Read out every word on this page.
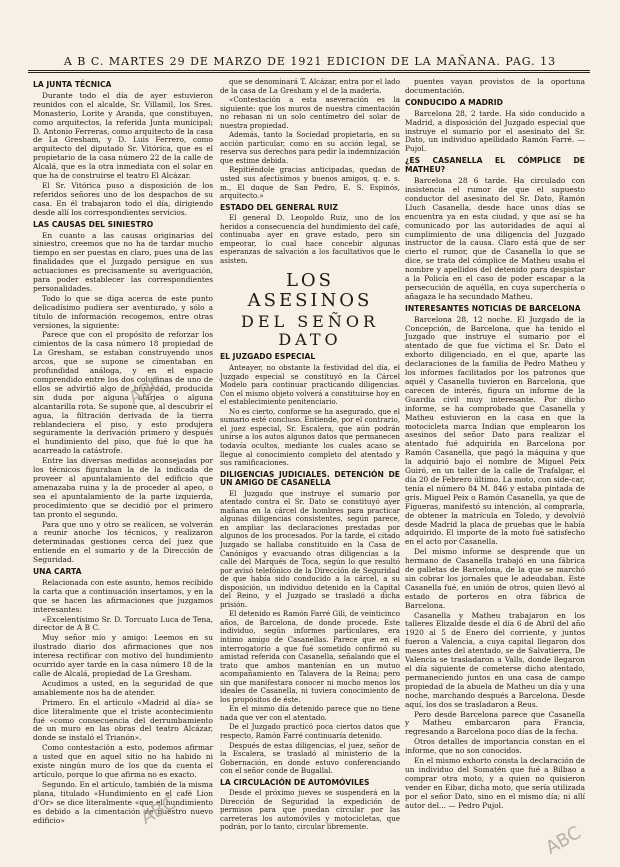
A B C. MARTES 29 DE MARZO DE 1921 EDICION DE LA MAÑANA. PAG. 13
LA JUNTA TÉCNICA

Durante todo el día de ayer estuvieron reunidos con el alcalde, Sr. Villamil, los Sres. Monasterio, Lorite y Aranda, que constituyen, como arquitectos, la referida Junta municipal; D. Antonio Ferreras, como arquitecto de la casa de La Gresham, y D. Luis Ferrero, como arquitecto del diputado Sr. Vitórica, que es el propietario de la casa número 22 de la calle de Alcalá, que es la otra inmediata con el solar en que ha de construirse el teatro El Alcázar.

El Sr. Vitórica puso a disposición de los referidos señores uno de los despachos de su casa. En él trabajaron todo el día, dirigiendo desde allí los correspondientes servicios.

LAS CAUSAS DEL SINIESTRO

En cuanto a las causas originarias del siniestro, creemos que no ha de tardar mucho tiempo en ser puestas en claro, pues una de las finalidades que el Juzgado persigue en sus actuaciones es precisamente su averiguación, para poder establecer las correspondientes personalidades.

Todo lo que se diga acerca de este punto delicadísimo pudiera ser aventurado, y sólo a título de información recogemos, entre otras versiones, la siguiente:

Parece que con el propósito de reforzar los cimientos de la casa número 18 propiedad de La Gresham, se estaban construyendo unos arcos, que se supone se cimentaban en profundidad análoga, y en el espacio comprendido entre los dos columnas de uno de ellos se advirtió algo de humedad, producida sin duda por alguna atarjea o alguna alcantarilla rota. Se supone que, al descubrir el agua, la filtración derivada de la tierra reblandeciera el piso, y esto produjera seguramente la derivación primero y después el hundimiento del piso, que fué lo que ha acarreado la catástrofe.

Entre las diversas medidas aconsejadas por los técnicos figuraban la de la indicada de proveer al apuntalamiento del edificio que amenazaba ruina y la de proceder al apeo, o sea el apuntalamiento de la parte izquierda, procedimiento que se decidió por el primero tan pronto el segundo.

Para que uno y otro se realicen, se volverán a reunir anoche los técnicos, y realizaron determinadas gestiones cerca del juez que entiende en el sumario y de la Dirección de Seguridad.

UNA CARTA

Relacionada con este asunto, hemos recibido la carta que a continuación insertamos, y en la que se hacen las afirmaciones que juzgamos interesantes:

«Excelentísimo Sr. D. Torcuato Luca de Tena, director de A B C.

Muy señor mío y amigo: Leemos en su ilustrado diario dos afirmaciones que nos interesa rectificar con motivo del hundimiento ocurrido ayer tarde en la casa número 18 de la calle de Alcalá, propiedad de La Gresham.

Acudimos a usted, en la seguridad de que amablemente nos ha de atender.

Primero. En el artículo «Madrid al día» se dice literalmente que el triste acontecimiento fué «como consecuencia del derrumbamiento de un muro en las obras del teatro Alcázar, donde se instaló el Trianón».

Como contestación a esto, podemos afirmar a usted que en aquel sitio no ha habido ni existe ningún muro de los que da cuenta el artículo, porque lo que afirma no es exacto.

Segundo. En el artículo, también de la misma plana, titulado «Hundimiento en el café Lion d'Or» se dice literalmente «que el hundimiento es debido a la cimentación de nuestro nuevo edificio»

que se denominará T. Alcázar, entra por el lado de la casa de La Gresham y el de la maderia.

«Contestación a esta aseveración es la siguiente: que los muros de nuestra cimentación no rebasan ni un solo centímetro del solar de nuestra propiedad.

Además, tanto la Sociedad propietaria, en su acción particular, como en su acción legal, se reserva sus derechos para pedir la indemnización que estime debida.

Repitiéndole gracias anticipadas, quedan de usted sus afectísimos y buenos amigos, q. e. s. m., El duque de San Pedro, E. S. Espinós, arquitecto.»

ESTADO DEL GENERAL RUIZ

El general D. Leopoldo Ruiz, uno de los heridos a consecuencia del hundimiento del café, continuaba ayer en grave estado, pero sin empeorar, lo cual hace concebir algunas esperanzas de salvación a los facultativos que le asisten.

LOS ASESINOS
DEL SEÑOR DATO
EL JUZGADO ESPECIAL

Anteayer, no obstante la festividad del día, el Juzgado especial se constituyó en la Cárcel Modelo para continuar practicando diligencias. Con el mismo objeto volverá a constituirse hoy en el establecimiento penitenciario.

No es cierto, conforme se ha asegurado, que el sumario esté concluso. Entiende, por el contrario, el juez especial, Sr. Escalera, que aún podrán unirse a los autos algunos datos que permanecen todavía ocultos, mediante los cuales acaso se llegue al conocimiento completo del atentado y sus ramificaciones.

DILIGENCIAS JUDICIALES. DETENCIÓN DE UN AMIGO DE CASANELLA

El Juzgado que instruye el sumario por atentado contra el Sr. Dato se constituyó ayer mañana en la cárcel de hombres para practicar algunas diligencias consistentes, según parece, en ampliar las declaraciones prestadas por algunos de los procesados. Por la tarde, el citado Juzgado se hallaba constituido en la Casa de Canónigos y evacuando otras diligencias a la calle del Marqués de Toca, según lo que resultó por avisó telefónico de la Dirección de Seguridad de que había sido conducido a la cárcel, a su disposición, un individuo detenido en la Capital del Reino, y el Juzgado se trasladó a dicha prisión.

El detenido es Ramón Farré Gili, de veinticinco años, de Barcelona, de donde procede. Este individuo, según informes particulares, era íntimo amigo de Casanellas. Parece que en el interrogatorio a que fué sometido confirmó su amistad referida con Casanella, señalando que el trato que ambos mantenían en un mutuo acompañamiento en Talavera de la Reina; pero sin que manifestara conocer ni mucho menos los ideales de Casanella, ni tuviera conocimiento de los propósitos de éste.

En el mismo día detenido parece que no tiene nada que ver con el atentado.

De el Juzgado practicó poca ciertos datos que respecto, Ramón Farré continuaría detenido.

Después de estas diligencias, el juez, señor de la Escalera, se trasladó al ministerio de la Gobernación, en donde estuvo conferenciando con el señor conde de Bugallal.

LA CIRCULACIÓN DE AUTOMÓVILES

Desde el próximo jueves se suspenderá en la Dirección de Seguridad la expedición de permisos para que puedan circular por las carreteras los automóviles y motocicletas, que podrán, por lo tanto, circular libremente.

puentes vayan provistos de la oportuna documentación.

CONDUCIDO A MADRID

Barcelona 28, 2 tarde. Ha sido conducido a Madrid, a disposición del Juzgado especial que instruye el sumario por el asesinato del Sr. Dato, un individuo apellidado Ramón Farré. — Pujol.

¿ES CASANELLA EL CÓMPLICE DE MATHEU?

Barcelona 28 6 tarde. Ha circulado con insistencia el rumor de que el supuesto conductor del asesinato del Sr. Dato, Ramón Lluch Casanella, desde hace unos días se encuentra ya en esta ciudad, y que así se ha comunicado por las autoridades de aquí al cumplimiento de una diligencia del Juzgado instructor de la causa. Claro está que de ser cierto el rumor, que de Casanella lo que se dice, se trata del cómplice de Matheu usaba el nombre y apellidos del detenido para despistar a la Policía en el caso de poder escapar a la persecución de aquélla, en cuya superchería o añagaza le ha secundado Matheu.

INTERESANTES NOTICIAS DE BARCELONA

Barcelona 28, 12 noche. El Juzgado de la Concepción, de Barcelona, que ha tenido el Juzgado que instruye el sumario por el atentado de que fue víctima el Sr. Dato el exhorto diligenciado, en el que, aparte las declaraciones de la familia de Pedro Matheu y los informes facilitados por los patronos que aquél y Casanella tuvieron en Barcelona, que carecen de interés, figura un informe de la Guardia civil muy interesante. Por dicho informe, se ha comprobado que Casanella y Matheu estuvieron en la casa en que la motocicleta marca Indian que emplearon los asesinos del señor Dato para realizar el atentado fué adquirida en Barcelona por Ramón Casanella, que pagó la máquina y que la adquirió bajo el nombre de Miguel Peix Guiró, en un taller de la calle de Trafalgar, el día 20 de Febrero último. La moto, con side-car, tenía el número 84 M. 846 y estaba pintada de gris. Miguel Peix o Ramón Casanella, ya que de Figueras, manifestó su intención, al comprarla, de obtener la matrícula en Toledo, y devolvió desde Madrid la placa de pruebas que le había adquirido. El importe de la moto fué satisfecho en el acto por Casanella.

Del mismo informe se desprende que un hermano de Casanella trabajó en una fábrica de galletas de Barcelona, de la que se marchó sin cobrar los jornales que le adeudaban. Este Casanella fué, en unión de otros, quien llevó al estado de porteros en otra fábrica de Barcelona.

Casanella y Matheu trabajaron en los talleres Elizalde desde el día 6 de Abril del año 1920 al 5 de Enero del corriente, y juntos fueron a Valencia, a cuya capital llegaron dos meses antes del atentado, se de Salvatierra, De Valencia se trasladaron a Valls, donde llegaron el día siguiente de cometerse dicho atentado, permaneciendo juntos en una casa de campo propiedad de la abuela de Matheu un día y una noche, marchando después a Barcelona. Desde aquí, los dos se trasladaron a Reus.

Pero desde Barcelona parece que Casanella y Matheu embarcaron para Francia, regresando a Barcelona poco días de la fecha.

Otros detalles de importancia constan en el informe, que no son conocidos.

En el mismo exhorto consta la declaración de un individuo del Somatén que fué a Bilbao a comprar otra moto, y a quien no quisieron vender en Eibar, dicha moto, que sería utilizada por el señor Dato, sino en el mismo día; ni allí autor del... — Pedro Pujol.

ABC
ABC
ABC
